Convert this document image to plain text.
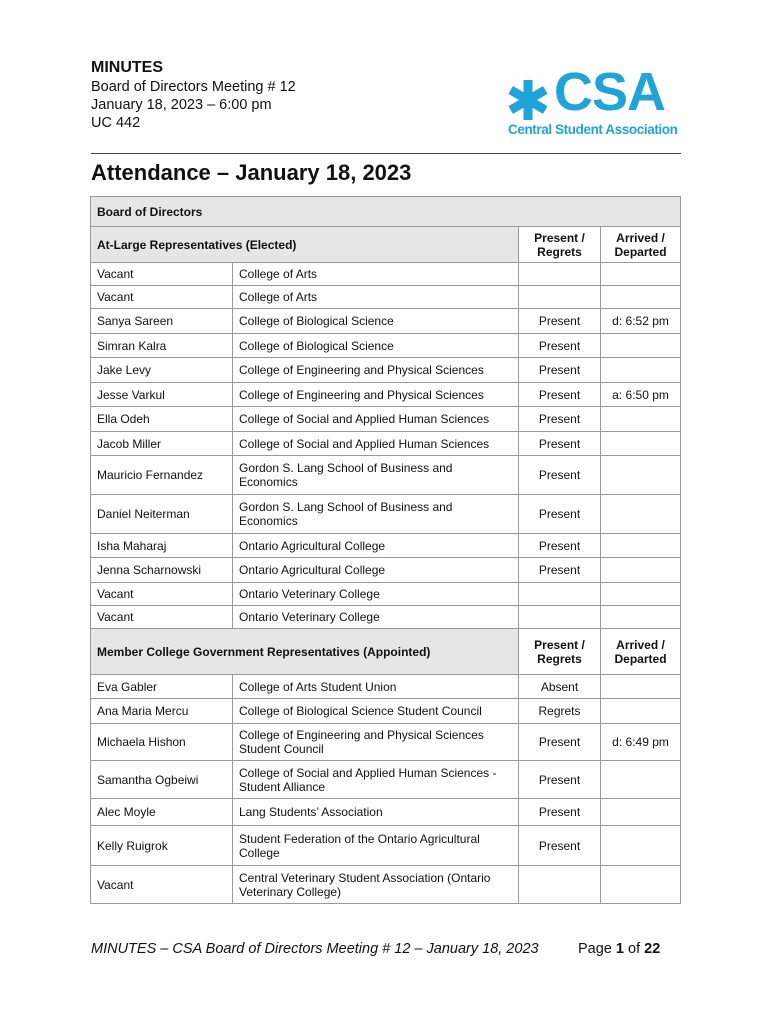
MINUTES
Board of Directors Meeting # 12
January 18, 2023 – 6:00 pm
UC 442
CSA
Central Student Association
Attendance – January 18, 2023
Board of Directors			
At-Large Representatives (Elected)		Present / Regrets	Arrived / Departed
Vacant	College of Arts		
Vacant	College of Arts		
Sanya Sareen	College of Biological Science	Present	d: 6:52 pm
Simran Kalra	College of Biological Science	Present	
Jake Levy	College of Engineering and Physical Sciences	Present	
Jesse Varkul	College of Engineering and Physical Sciences	Present	a: 6:50 pm
Ella Odeh	College of Social and Applied Human Sciences	Present	
Jacob Miller	College of Social and Applied Human Sciences	Present	
Mauricio Fernandez	Gordon S. Lang School of Business and Economics	Present	
Daniel Neiterman	Gordon S. Lang School of Business and Economics	Present	
Isha Maharaj	Ontario Agricultural College	Present	
Jenna Scharnowski	Ontario Agricultural College	Present	
Vacant	Ontario Veterinary College		
Vacant	Ontario Veterinary College		
Member College Government Representatives (Appointed)		Present / Regrets	Arrived / Departed
Eva Gabler	College of Arts Student Union	Absent	
Ana Maria Mercu	College of Biological Science Student Council	Regrets	
Michaela Hishon	College of Engineering and Physical Sciences Student Council	Present	d: 6:49 pm
Samantha Ogbeiwi	College of Social and Applied Human Sciences - Student Alliance	Present	
Alec Moyle	Lang Students’ Association	Present	
Kelly Ruigrok	Student Federation of the Ontario Agricultural College	Present	
Vacant	Central Veterinary Student Association (Ontario Veterinary College)		
MINUTES – CSA Board of Directors Meeting # 12 – January 18, 2023	Page 1 of 22
